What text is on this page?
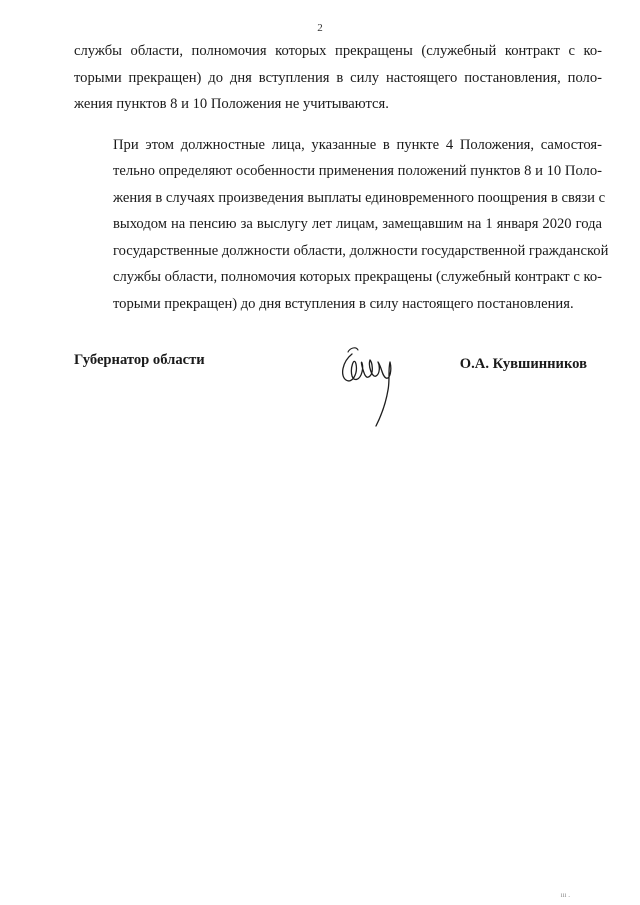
2

службы области, полномочия которых прекращены (служебный контракт с ко-
торыми прекращен) до дня вступления в силу настоящего постановления, поло-
жения пунктов 8 и 10 Положения не учитываются.

При этом должностные лица, указанные в пункте 4 Положения, самостоя-
тельно определяют особенности применения положений пунктов 8 и 10 Поло-
жения в случаях произведения выплаты единовременного поощрения в связи с
выходом на пенсию за выслугу лет лицам, замещавшим на 1 января 2020 года
государственные должности области, должности государственной гражданской
службы области, полномочия которых прекращены (служебный контракт с ко-
торыми прекращен) до дня вступления в силу настоящего постановления.

Губернатор области	О.А. Кувшинников
ııı .
